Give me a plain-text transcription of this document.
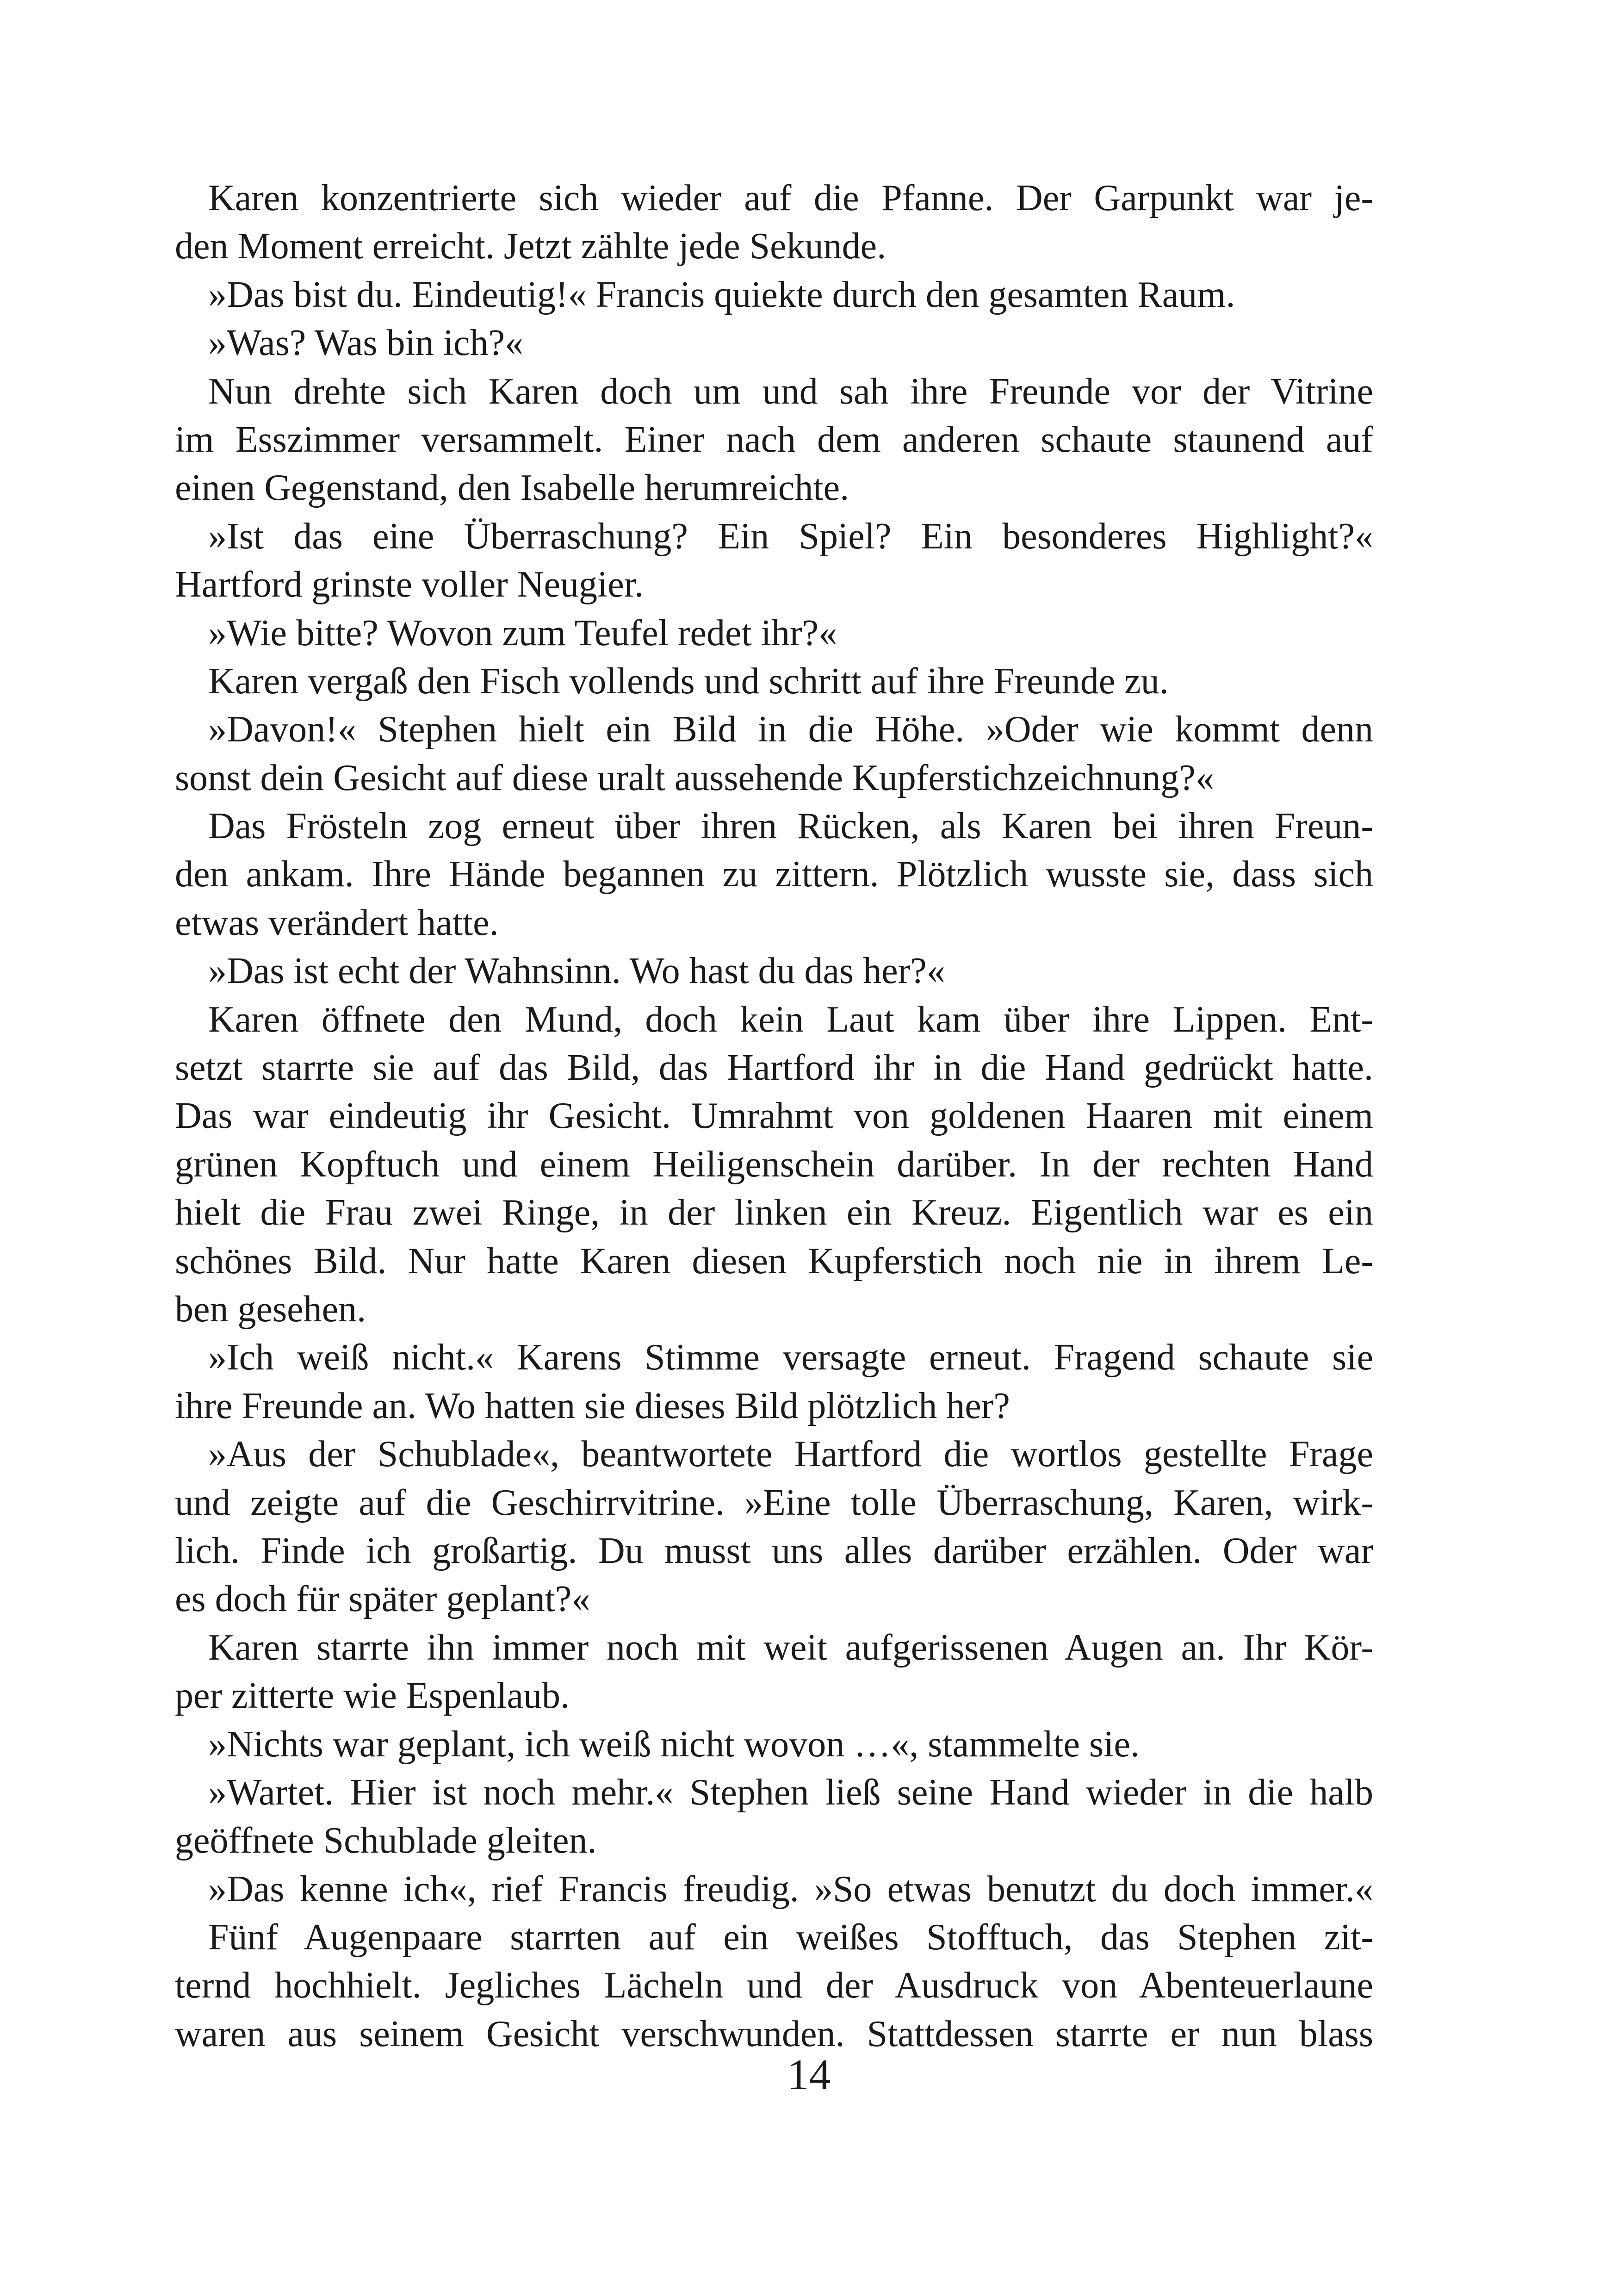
Karen konzentrierte sich wieder auf die Pfanne. Der Garpunkt war je-
den Moment erreicht. Jetzt zählte jede Sekunde.
»Das bist du. Eindeutig!« Francis quiekte durch den gesamten Raum.
»Was? Was bin ich?«
Nun drehte sich Karen doch um und sah ihre Freunde vor der Vitrine
im Esszimmer versammelt. Einer nach dem anderen schaute staunend auf
einen Gegenstand, den Isabelle herumreichte.
»Ist das eine Überraschung? Ein Spiel? Ein besonderes Highlight?«
Hartford grinste voller Neugier.
»Wie bitte? Wovon zum Teufel redet ihr?«
Karen vergaß den Fisch vollends und schritt auf ihre Freunde zu.
»Davon!« Stephen hielt ein Bild in die Höhe. »Oder wie kommt denn
sonst dein Gesicht auf diese uralt aussehende Kupferstichzeichnung?«
Das Frösteln zog erneut über ihren Rücken, als Karen bei ihren Freun-
den ankam. Ihre Hände begannen zu zittern. Plötzlich wusste sie, dass sich
etwas verändert hatte.
»Das ist echt der Wahnsinn. Wo hast du das her?«
Karen öffnete den Mund, doch kein Laut kam über ihre Lippen. Ent-
setzt starrte sie auf das Bild, das Hartford ihr in die Hand gedrückt hatte.
Das war eindeutig ihr Gesicht. Umrahmt von goldenen Haaren mit einem
grünen Kopftuch und einem Heiligenschein darüber. In der rechten Hand
hielt die Frau zwei Ringe, in der linken ein Kreuz. Eigentlich war es ein
schönes Bild. Nur hatte Karen diesen Kupferstich noch nie in ihrem Le-
ben gesehen.
»Ich weiß nicht.« Karens Stimme versagte erneut. Fragend schaute sie
ihre Freunde an. Wo hatten sie dieses Bild plötzlich her?
»Aus der Schublade«, beantwortete Hartford die wortlos gestellte Frage
und zeigte auf die Geschirrvitrine. »Eine tolle Überraschung, Karen, wirk-
lich. Finde ich großartig. Du musst uns alles darüber erzählen. Oder war
es doch für später geplant?«
Karen starrte ihn immer noch mit weit aufgerissenen Augen an. Ihr Kör-
per zitterte wie Espenlaub.
»Nichts war geplant, ich weiß nicht wovon …«, stammelte sie.
»Wartet. Hier ist noch mehr.« Stephen ließ seine Hand wieder in die halb
geöffnete Schublade gleiten.
»Das kenne ich«, rief Francis freudig. »So etwas benutzt du doch immer.«
Fünf Augenpaare starrten auf ein weißes Stofftuch, das Stephen zit-
ternd hochhielt. Jegliches Lächeln und der Ausdruck von Abenteuerlaune
waren aus seinem Gesicht verschwunden. Stattdessen starrte er nun blass
14
